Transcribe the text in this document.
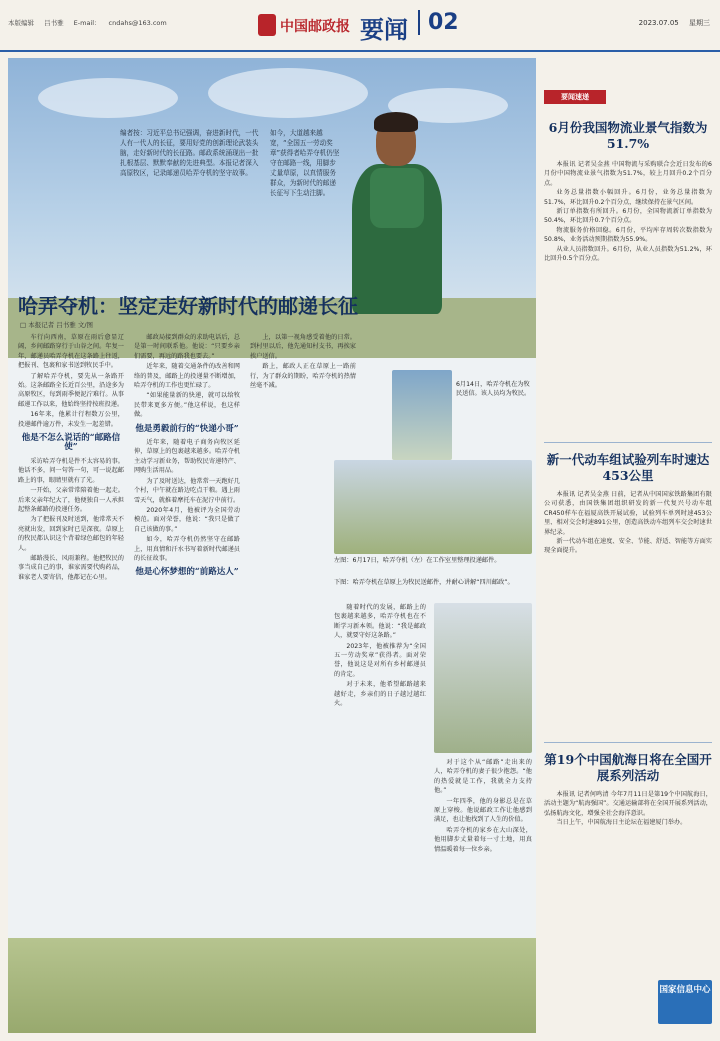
本版编辑 吕书雅 E-mail： cndahs@163.com	中国邮政报 要闻 02	2023.07.05 星期三
编者按：习近平总书记强调，奋进新时代，一代人有一代人的长征，要用好党的创新理论武装头脑，走好新时代的长征路。邮政系统涌现出一批扎根基层、默默奉献的先进典型。本报记者深入高原牧区，记录邮递员哈弄夺机的坚守故事。
如今，大道越来越宽，“全国五一劳动奖章”获得者哈弄夺机仍坚守在邮路一线，用脚步丈量草原，以真情服务群众，为新时代的邮递长征写下生动注脚。
哈弄夺机：坚定走好新时代的邮递长征
□ 本报记者 吕书雅 文/图

车行向西南，草原在雨后愈显辽阔，乡间邮路穿行于山谷之间。年复一年，邮递员哈弄夺机在这条路上往返，把报刊、包裹和家书送到牧民手中。

了解哈弄夺机，要先从一条路开始。这条邮路全长近百公里，沿途多为高原牧区，每到雨季便泥泞难行。从事邮递工作以来，他始终坚持按班投递。

16年来，他累计行程数万公里，投递邮件逾万件，未发生一起差错。

他是不怎么说话的“邮路信使”

采访哈弄夺机是件不太容易的事。他话不多，问一句答一句，可一说起邮路上的事，眼睛里就有了光。

一开始，父亲常常陪着他一起走。后来父亲年纪大了，他便独自一人承担起整条邮路的投递任务。

为了把报刊及时送到，他常常天不亮就出发，回到家时已是深夜。草原上的牧民都认识这个背着绿色邮包的年轻人。

邮路漫长、风雨兼程。他把牧民的事当成自己的事，谁家需要代购药品，谁家老人要寄信，他都记在心里。

邮政局接到群众的求助电话后，总是第一时间联系他。他说：“只要乡亲们需要，再远的路我也要去。”

近年来，随着交通条件的改善和网络的普及，邮路上的投递量不断增加，哈弄夺机的工作也更忙碌了。

“如果能量新的快递，就可以给牧民带来更多方便。”他这样说，也这样做。

他是勇毅前行的“快递小哥”

近年来，随着电子商务向牧区延伸，草原上的包裹越来越多。哈弄夺机主动学习新业务，帮助牧民寄递特产、网购生活用品。

为了及时送达，他常常一天跑好几个村，中午就在路边吃点干粮。遇上雨雪天气，就推着摩托车在泥泞中前行。

2020年4月，他被评为全国劳动模范。面对荣誉，他说：“我只是做了自己该做的事。”

如今，哈弄夺机仍然坚守在邮路上，用真情和汗水书写着新时代邮递员的长征故事。

他是心怀梦想的“前路达人”

上，以第一视角感受着他的日常。到村里以后，他先通知村支书，再挨家挨户送信。

路上，邮政人正在草原上一路前行，为了群众的期盼，哈弄夺机的热情丝毫不减。	6月14日，哈弄夺机在为牧民送信。该人员均为牧民。
左图：6月17日，哈弄夺机（左）在工作室里整理投递邮件。
下图：哈弄夺机在草原上为牧民送邮件，并耐心讲解“四川邮政”。

随着时代的发展，邮路上的包裹越来越多，哈弄夺机也在不断学习新本领。他说：“我是邮政人，就要守好这条路。”

2023年，他被推荐为“全国五一劳动奖章”获得者。面对荣誉，他说这是对所有乡村邮递员的肯定。

对于未来，他希望邮路越来越好走，乡亲们的日子越过越红火。

对于这个从“邮路”走出来的人，哈弄夺机的妻子很少抱怨。“他的热爱就是工作，我就全力支持他。”

一年四季，他的身影总是在草原上穿梭。他说邮政工作让他感到满足，也让他找到了人生的价值。

哈弄夺机的家乡在大山深处，他用脚步丈量着每一寸土地，用真情温暖着每一位乡亲。

要闻速递
6月份我国物流业景气指数为51.7%

本报讯 记者吴金燕 中国物流与采购联合会近日发布的6月份中国物流业景气指数为51.7%，较上月回升0.2个百分点。

业务总量指数小幅回升。6月份，业务总量指数为51.7%，环比回升0.2个百分点，继续保持在景气区间。

新订单指数有所回升。6月份，全国物流新订单指数为50.4%，环比回升0.7个百分点。

物流服务价格回稳。6月份，平均库存周转次数指数为50.8%，业务活动预期指数为55.9%。

从业人员指数回升。6月份，从业人员指数为51.2%，环比回升0.5个百分点。

新一代动车组试验列车时速达453公里

本报讯 记者吴金燕 日前，记者从中国国家铁路集团有限公司获悉，由国铁集团组织研发的新一代复兴号动车组CR450样车在福厦高铁开展试验，试验列车单列时速453公里、相对交会时速891公里，创造高铁动车组列车交会时速世界纪录。

新一代动车组在速度、安全、节能、舒适、智能等方面实现全面提升。

第19个中国航海日将在全国开展系列活动

本报讯 记者何鸣清 今年7月11日是第19个中国航海日，活动主题为“航海强国”。交通运输部将在全国开展系列活动，弘扬航海文化，增强全社会海洋意识。

当日上午，中国航海日主论坛在福建厦门举办。

国家信息中心
